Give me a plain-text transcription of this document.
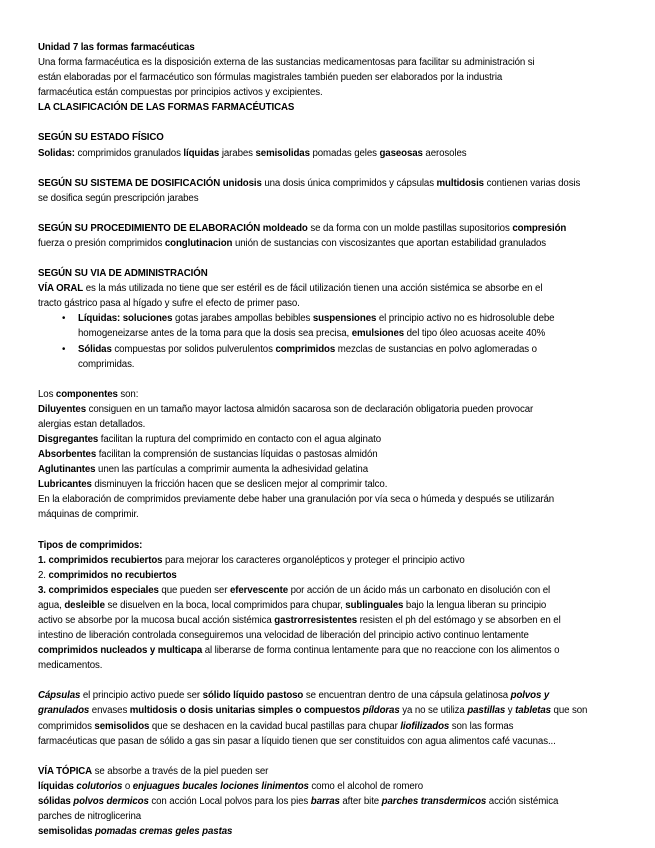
Unidad 7 las formas farmacéuticas

Una forma farmacéutica es la disposición externa de las sustancias medicamentosas para facilitar su administración si

están elaboradas por el farmacéutico son fórmulas magistrales también pueden ser elaborados por la industria

farmacéutica están compuestas por principios activos y excipientes.

LA CLASIFICACIÓN DE LAS FORMAS FARMACÉUTICAS

SEGÚN SU ESTADO FÍSICO

Solidas: comprimidos granulados líquidas jarabes semisolidas pomadas geles gaseosas aerosoles

SEGÚN SU SISTEMA DE DOSIFICACIÓN unidosis una dosis única comprimidos y cápsulas multidosis contienen varias dosis

se dosifica según prescripción jarabes

SEGÚN SU PROCEDIMIENTO DE ELABORACIÓN moldeado se da forma con un molde pastillas supositorios compresión

fuerza o presión comprimidos conglutinacion unión de sustancias con viscosizantes que aportan estabilidad granulados

SEGÚN SU VIA DE ADMINISTRACIÓN

VÍA ORAL es la más utilizada no tiene que ser estéril es de fácil utilización tienen una acción sistémica se absorbe en el

tracto gástrico pasa al hígado y sufre el efecto de primer paso.

• Líquidas: soluciones gotas jarabes ampollas bebibles suspensiones el principio activo no es hidrosoluble debe
homogeneizarse antes de la toma para que la dosis sea precisa, emulsiones del tipo óleo acuosas aceite 40%
• Sólidas compuestas por solidos pulverulentos comprimidos mezclas de sustancias en polvo aglomeradas o
comprimidas.

Los componentes son:

Diluyentes consiguen en un tamaño mayor lactosa almidón sacarosa son de declaración obligatoria pueden provocar

alergias estan detallados.

Disgregantes facilitan la ruptura del comprimido en contacto con el agua alginato

Absorbentes facilitan la comprensión de sustancias líquidas o pastosas almidón

Aglutinantes unen las partículas a comprimir aumenta la adhesividad gelatina

Lubricantes disminuyen la fricción hacen que se deslicen mejor al comprimir talco.

En la elaboración de comprimidos previamente debe haber una granulación por vía seca o húmeda y después se utilizarán

máquinas de comprimir.

Tipos de comprimidos:

1. comprimidos recubiertos para mejorar los caracteres organolépticos y proteger el principio activo

2. comprimidos no recubiertos

3. comprimidos especiales que pueden ser efervescente por acción de un ácido más un carbonato en disolución con el

agua, desleible se disuelven en la boca, local comprimidos para chupar, sublinguales bajo la lengua liberan su principio

activo se absorbe por la mucosa bucal acción sistémica gastrorresistentes resisten el ph del estómago y se absorben en el

intestino de liberación controlada conseguiremos una velocidad de liberación del principio activo continuo lentamente

comprimidos nucleados y multicapa al liberarse de forma continua lentamente para que no reaccione con los alimentos o

medicamentos.

Cápsulas el principio activo puede ser sólido líquido pastoso se encuentran dentro de una cápsula gelatinosa polvos y

granulados envases multidosis o dosis unitarias simples o compuestos píldoras ya no se utiliza pastillas y tabletas que son

comprimidos semisolidos que se deshacen en la cavidad bucal pastillas para chupar liofilizados son las formas

farmacéuticas que pasan de sólido a gas sin pasar a líquido tienen que ser constituidos con agua alimentos café vacunas...

VÍA TÓPICA se absorbe a través de la piel pueden ser

líquidas colutorios o enjuagues bucales lociones linimentos como el alcohol de romero

sólidas polvos dermicos con acción Local polvos para los pies barras after bite parches transdermicos acción sistémica

parches de nitroglicerina

semisolidas pomadas cremas geles pastas
